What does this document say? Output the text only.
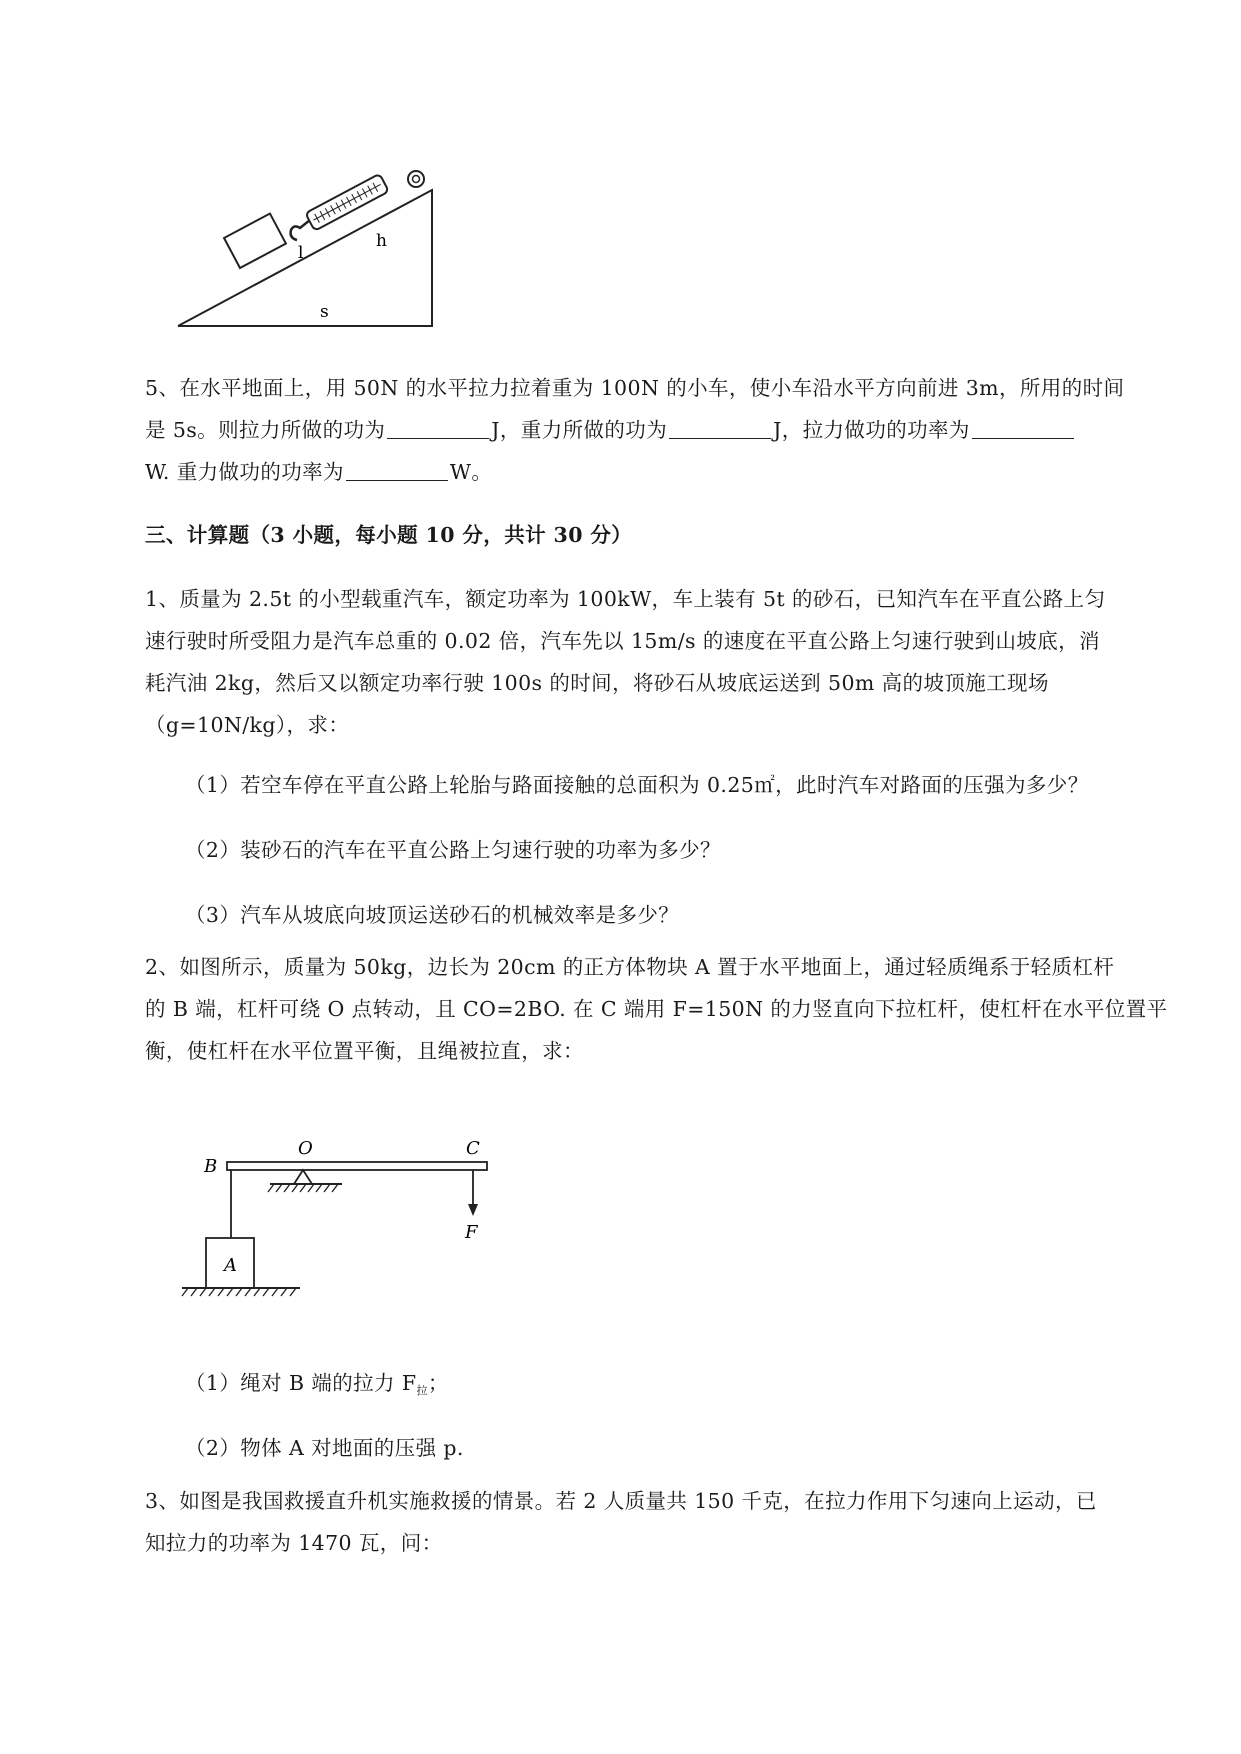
l
h
s
5、在水平地面上，用 50N 的水平拉力拉着重为 100N 的小车，使小车沿水平方向前进 3m，所用的时间
是 5s。则拉力所做的功为	J，重力所做的功为	J，拉力做功的功率为
W. 重力做功的功率为	W。
三、计算题（3 小题，每小题 10 分，共计 30 分）
1、质量为 2.5t 的小型载重汽车，额定功率为 100kW，车上装有 5t 的砂石，已知汽车在平直公路上匀
速行驶时所受阻力是汽车总重的 0.02 倍，汽车先以 15m/s 的速度在平直公路上匀速行驶到山坡底，消
耗汽油 2kg，然后又以额定功率行驶 100s 的时间，将砂石从坡底运送到 50m 高的坡顶施工现场
（g=10N/kg），求：
（1）若空车停在平直公路上轮胎与路面接触的总面积为 0.25㎡，此时汽车对路面的压强为多少？
（2）装砂石的汽车在平直公路上匀速行驶的功率为多少？
（3）汽车从坡底向坡顶运送砂石的机械效率是多少？
2、如图所示，质量为 50kg，边长为 20cm 的正方体物块 A 置于水平地面上，通过轻质绳系于轻质杠杆
的 B 端，杠杆可绕 O 点转动，且 CO=2BO. 在 C 端用 F=150N 的力竖直向下拉杠杆，使杠杆在水平位置平
衡，使杠杆在水平位置平衡，且绳被拉直，求：
B
O	C
F
A
（1）绳对 B 端的拉力 $F_拉$；
（2）物体 A 对地面的压强 p.
3、如图是我国救援直升机实施救援的情景。若 2 人质量共 150 千克，在拉力作用下匀速向上运动，已
知拉力的功率为 1470 瓦，问：
